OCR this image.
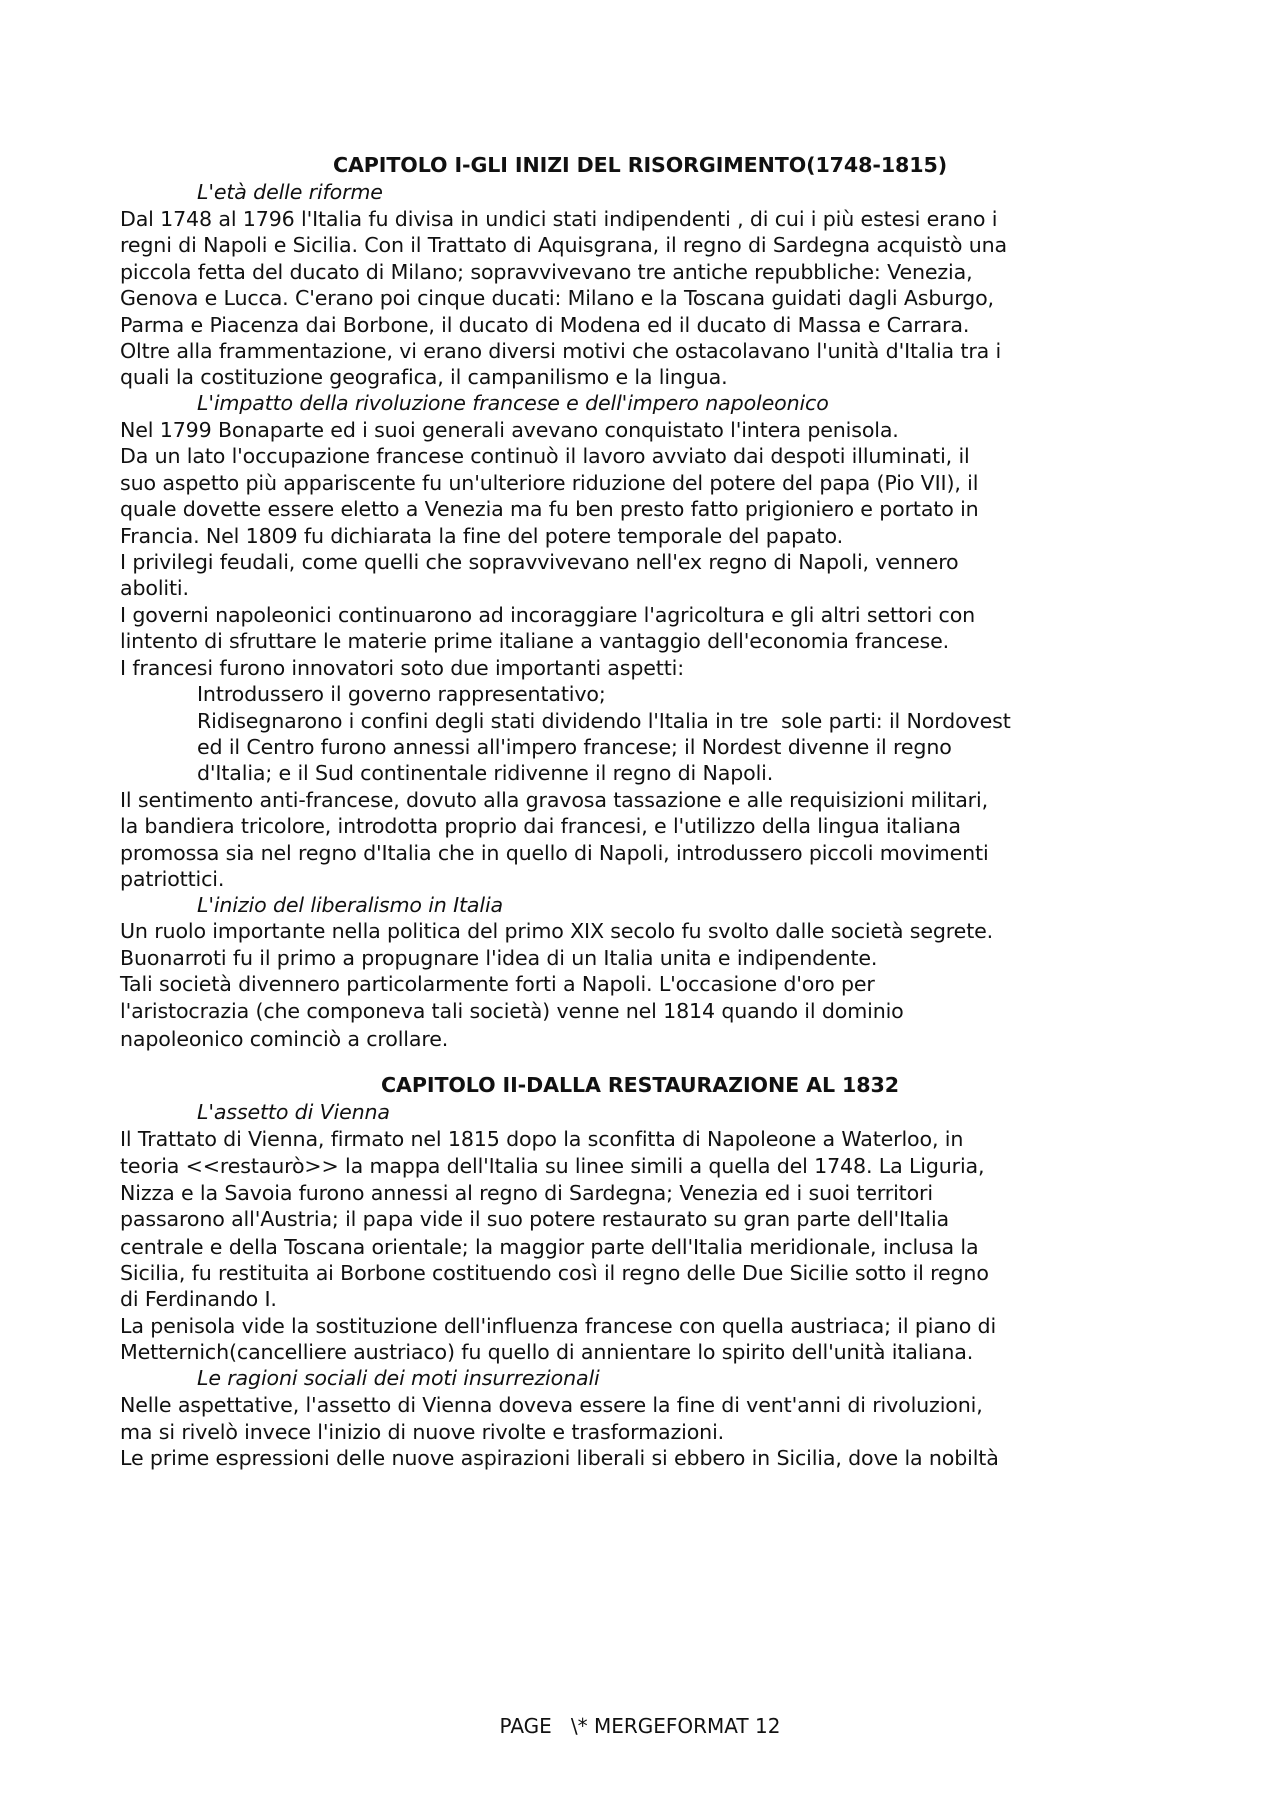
CAPITOLO I-GLI INIZI DEL RISORGIMENTO(1748-1815)
L'età delle riforme
Dal 1748 al 1796 l'Italia fu divisa in undici stati indipendenti , di cui i più estesi erano i
regni di Napoli e Sicilia. Con il Trattato di Aquisgrana, il regno di Sardegna acquistò una
piccola fetta del ducato di Milano; sopravvivevano tre antiche repubbliche: Venezia,
Genova e Lucca. C'erano poi cinque ducati: Milano e la Toscana guidati dagli Asburgo,
Parma e Piacenza dai Borbone, il ducato di Modena ed il ducato di Massa e Carrara.
Oltre alla frammentazione, vi erano diversi motivi che ostacolavano l'unità d'Italia tra i
quali la costituzione geografica, il campanilismo e la lingua.
L'impatto della rivoluzione francese e dell'impero napoleonico
Nel 1799 Bonaparte ed i suoi generali avevano conquistato l'intera penisola.
Da un lato l'occupazione francese continuò il lavoro avviato dai despoti illuminati, il
suo aspetto più appariscente fu un'ulteriore riduzione del potere del papa (Pio VII), il
quale dovette essere eletto a Venezia ma fu ben presto fatto prigioniero e portato in
Francia. Nel 1809 fu dichiarata la fine del potere temporale del papato.
I privilegi feudali, come quelli che sopravvivevano nell'ex regno di Napoli, vennero
aboliti.
I governi napoleonici continuarono ad incoraggiare l'agricoltura e gli altri settori con
lintento di sfruttare le materie prime italiane a vantaggio dell'economia francese.
I francesi furono innovatori soto due importanti aspetti:
Introdussero il governo rappresentativo;
Ridisegnarono i confini degli stati dividendo l'Italia in tre  sole parti: il Nordovest
ed il Centro furono annessi all'impero francese; il Nordest divenne il regno
d'Italia; e il Sud continentale ridivenne il regno di Napoli.
Il sentimento anti-francese, dovuto alla gravosa tassazione e alle requisizioni militari,
la bandiera tricolore, introdotta proprio dai francesi, e l'utilizzo della lingua italiana
promossa sia nel regno d'Italia che in quello di Napoli, introdussero piccoli movimenti
patriottici.
L'inizio del liberalismo in Italia
Un ruolo importante nella politica del primo XIX secolo fu svolto dalle società segrete.
Buonarroti fu il primo a propugnare l'idea di un Italia unita e indipendente.
Tali società divennero particolarmente forti a Napoli. L'occasione d'oro per
l'aristocrazia (che componeva tali società) venne nel 1814 quando il dominio
napoleonico cominciò a crollare.
CAPITOLO II-DALLA RESTAURAZIONE AL 1832
L'assetto di Vienna
Il Trattato di Vienna, firmato nel 1815 dopo la sconfitta di Napoleone a Waterloo, in
teoria <<restaurò>> la mappa dell'Italia su linee simili a quella del 1748. La Liguria,
Nizza e la Savoia furono annessi al regno di Sardegna; Venezia ed i suoi territori
passarono all'Austria; il papa vide il suo potere restaurato su gran parte dell'Italia
centrale e della Toscana orientale; la maggior parte dell'Italia meridionale, inclusa la
Sicilia, fu restituita ai Borbone costituendo così il regno delle Due Sicilie sotto il regno
di Ferdinando I.
La penisola vide la sostituzione dell'influenza francese con quella austriaca; il piano di
Metternich(cancelliere austriaco) fu quello di annientare lo spirito dell'unità italiana.
Le ragioni sociali dei moti insurrezionali
Nelle aspettative, l'assetto di Vienna doveva essere la fine di vent'anni di rivoluzioni,
ma si rivelò invece l'inizio di nuove rivolte e trasformazioni.
Le prime espressioni delle nuove aspirazioni liberali si ebbero in Sicilia, dove la nobiltà
PAGE   \* MERGEFORMAT 12
